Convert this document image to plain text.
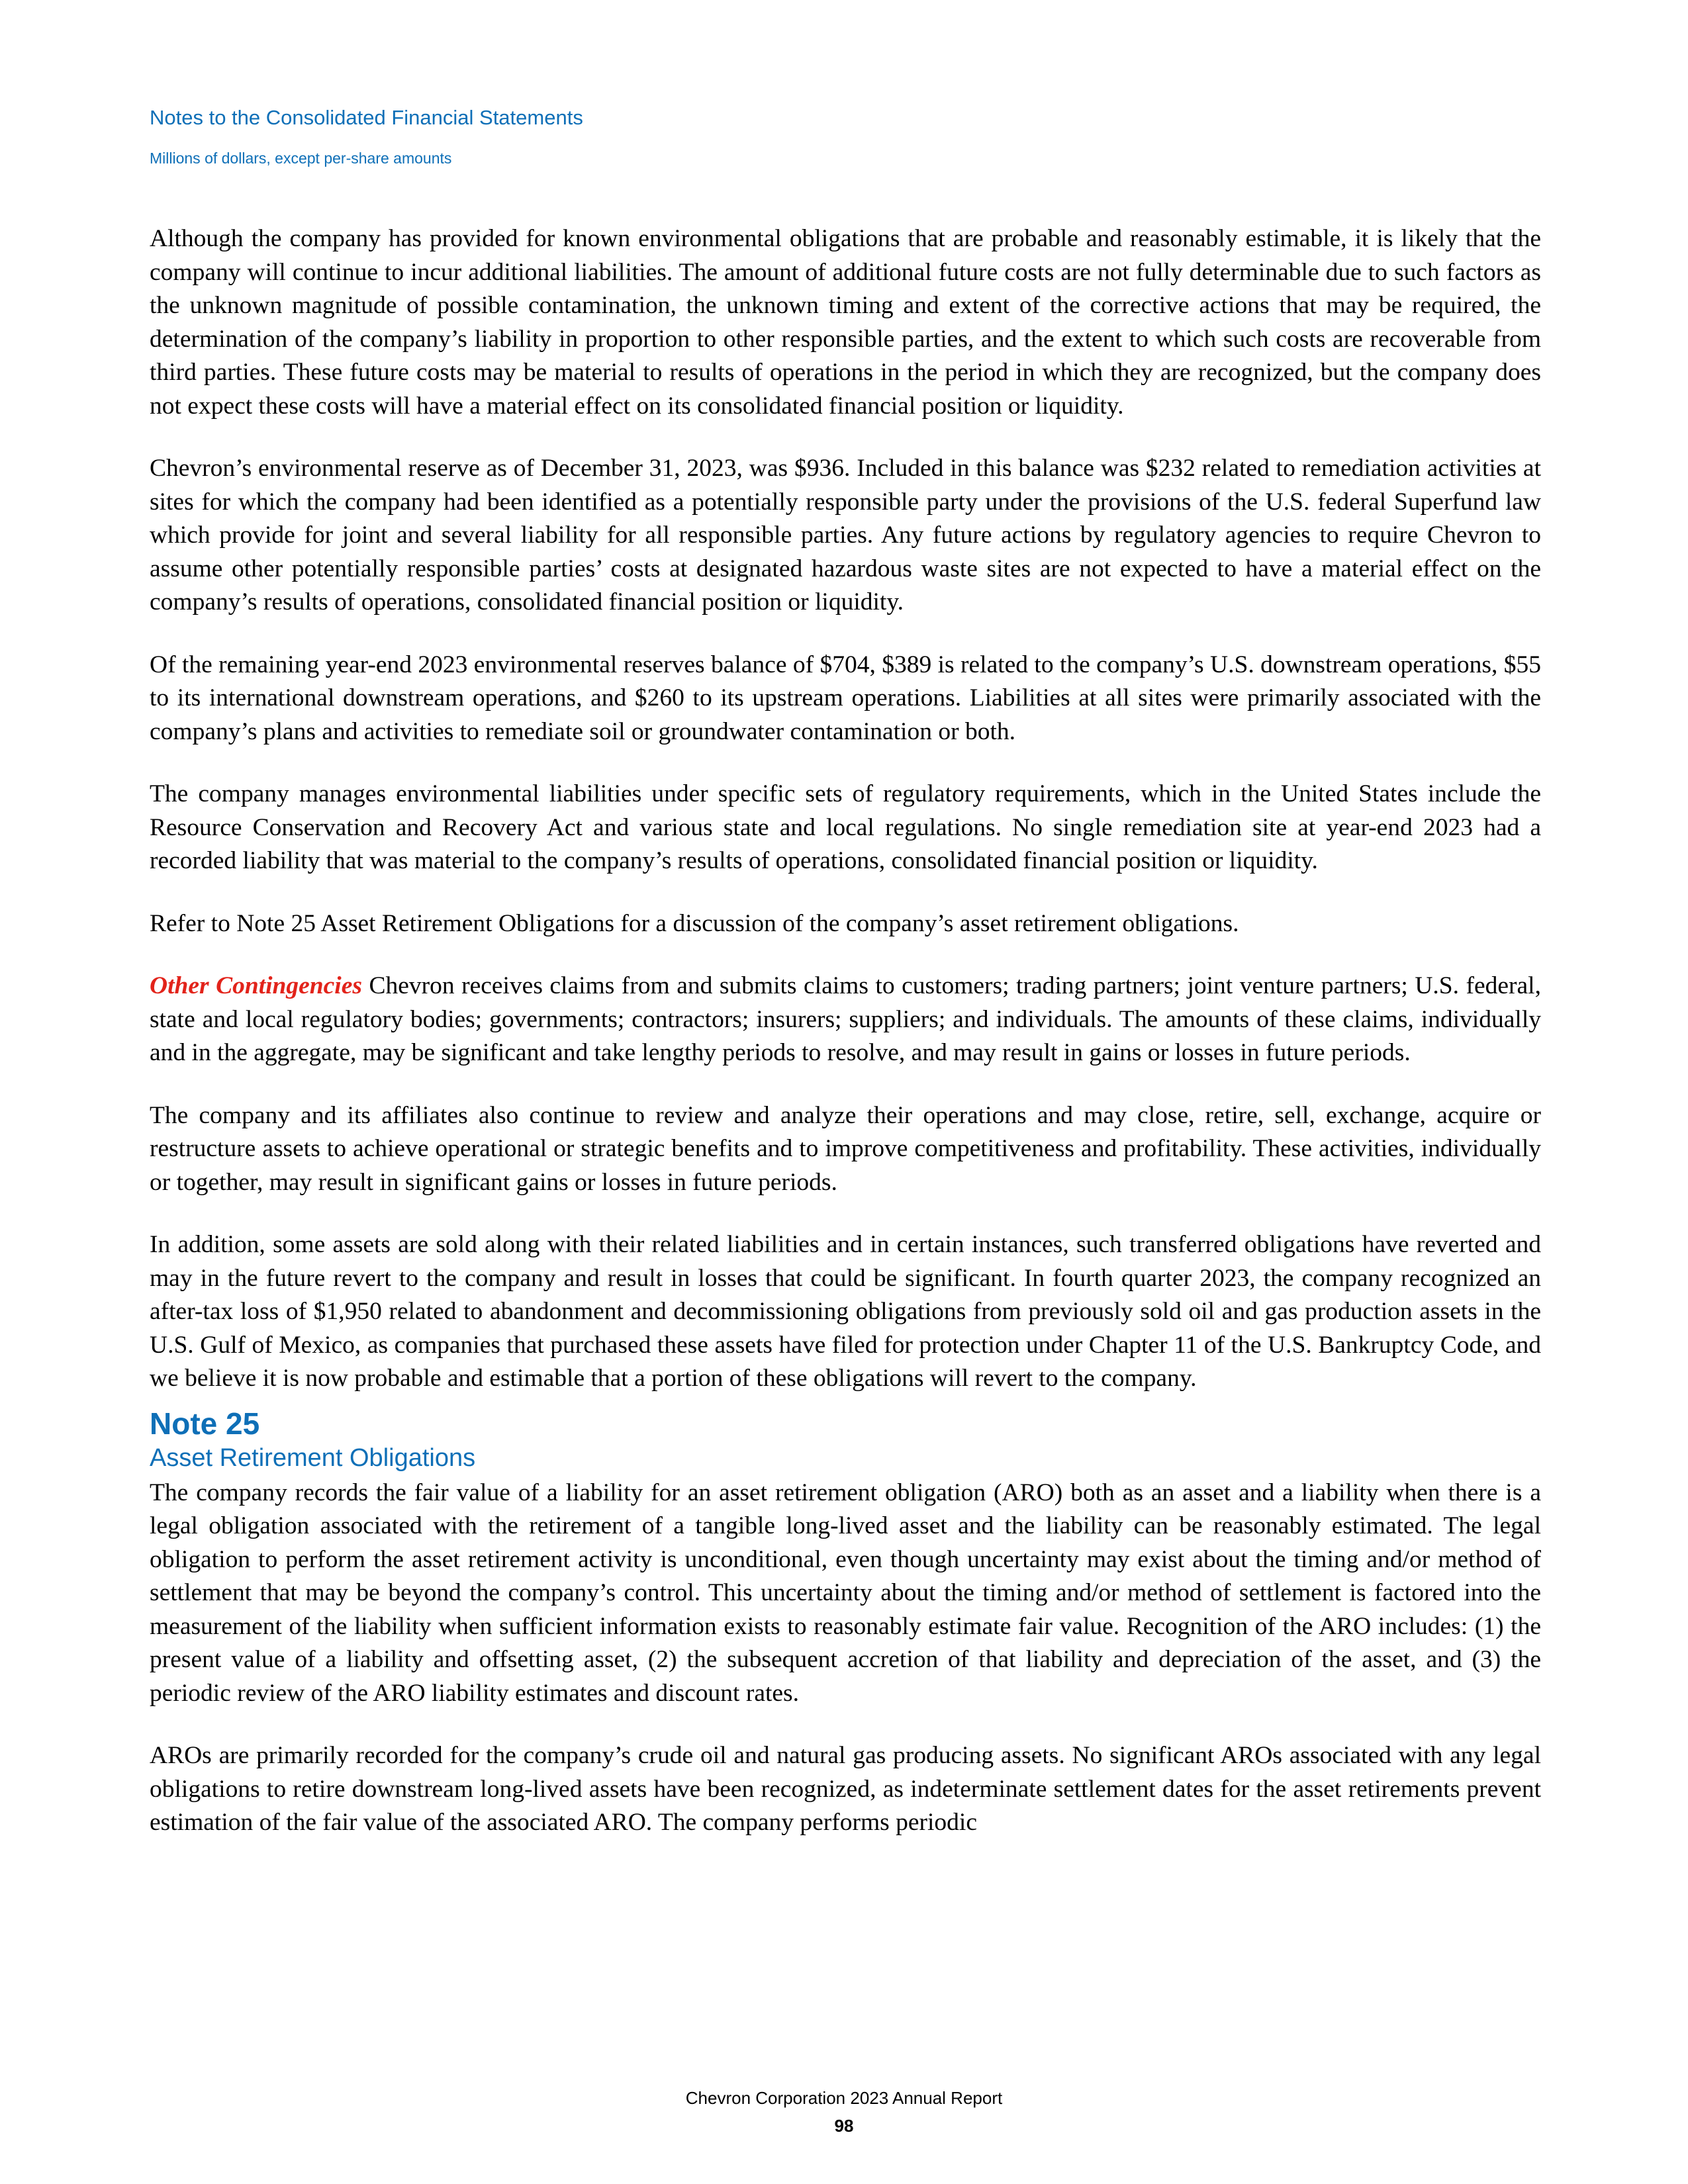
Notes to the Consolidated Financial Statements
Millions of dollars, except per-share amounts

Although the company has provided for known environmental obligations that are probable and reasonably estimable, it is likely that the company will continue to incur additional liabilities. The amount of additional future costs are not fully determinable due to such factors as the unknown magnitude of possible contamination, the unknown timing and extent of the corrective actions that may be required, the determination of the company’s liability in proportion to other responsible parties, and the extent to which such costs are recoverable from third parties. These future costs may be material to results of operations in the period in which they are recognized, but the company does not expect these costs will have a material effect on its consolidated financial position or liquidity.

Chevron’s environmental reserve as of December 31, 2023, was $936. Included in this balance was $232 related to remediation activities at sites for which the company had been identified as a potentially responsible party under the provisions of the U.S. federal Superfund law which provide for joint and several liability for all responsible parties. Any future actions by regulatory agencies to require Chevron to assume other potentially responsible parties’ costs at designated hazardous waste sites are not expected to have a material effect on the company’s results of operations, consolidated financial position or liquidity.

Of the remaining year-end 2023 environmental reserves balance of $704, $389 is related to the company’s U.S. downstream operations, $55 to its international downstream operations, and $260 to its upstream operations. Liabilities at all sites were primarily associated with the company’s plans and activities to remediate soil or groundwater contamination or both.

The company manages environmental liabilities under specific sets of regulatory requirements, which in the United States include the Resource Conservation and Recovery Act and various state and local regulations. No single remediation site at year-end 2023 had a recorded liability that was material to the company’s results of operations, consolidated financial position or liquidity.

Refer to Note 25 Asset Retirement Obligations for a discussion of the company’s asset retirement obligations.

Other Contingencies Chevron receives claims from and submits claims to customers; trading partners; joint venture partners; U.S. federal, state and local regulatory bodies; governments; contractors; insurers; suppliers; and individuals. The amounts of these claims, individually and in the aggregate, may be significant and take lengthy periods to resolve, and may result in gains or losses in future periods.

The company and its affiliates also continue to review and analyze their operations and may close, retire, sell, exchange, acquire or restructure assets to achieve operational or strategic benefits and to improve competitiveness and profitability. These activities, individually or together, may result in significant gains or losses in future periods.

In addition, some assets are sold along with their related liabilities and in certain instances, such transferred obligations have reverted and may in the future revert to the company and result in losses that could be significant. In fourth quarter 2023, the company recognized an after-tax loss of $1,950 related to abandonment and decommissioning obligations from previously sold oil and gas production assets in the U.S. Gulf of Mexico, as companies that purchased these assets have filed for protection under Chapter 11 of the U.S. Bankruptcy Code, and we believe it is now probable and estimable that a portion of these obligations will revert to the company.

Note 25
Asset Retirement Obligations

The company records the fair value of a liability for an asset retirement obligation (ARO) both as an asset and a liability when there is a legal obligation associated with the retirement of a tangible long-lived asset and the liability can be reasonably estimated. The legal obligation to perform the asset retirement activity is unconditional, even though uncertainty may exist about the timing and/or method of settlement that may be beyond the company’s control. This uncertainty about the timing and/or method of settlement is factored into the measurement of the liability when sufficient information exists to reasonably estimate fair value. Recognition of the ARO includes: (1) the present value of a liability and offsetting asset, (2) the subsequent accretion of that liability and depreciation of the asset, and (3) the periodic review of the ARO liability estimates and discount rates.

AROs are primarily recorded for the company’s crude oil and natural gas producing assets. No significant AROs associated with any legal obligations to retire downstream long-lived assets have been recognized, as indeterminate settlement dates for the asset retirements prevent estimation of the fair value of the associated ARO. The company performs periodic

Chevron Corporation 2023 Annual Report
98
